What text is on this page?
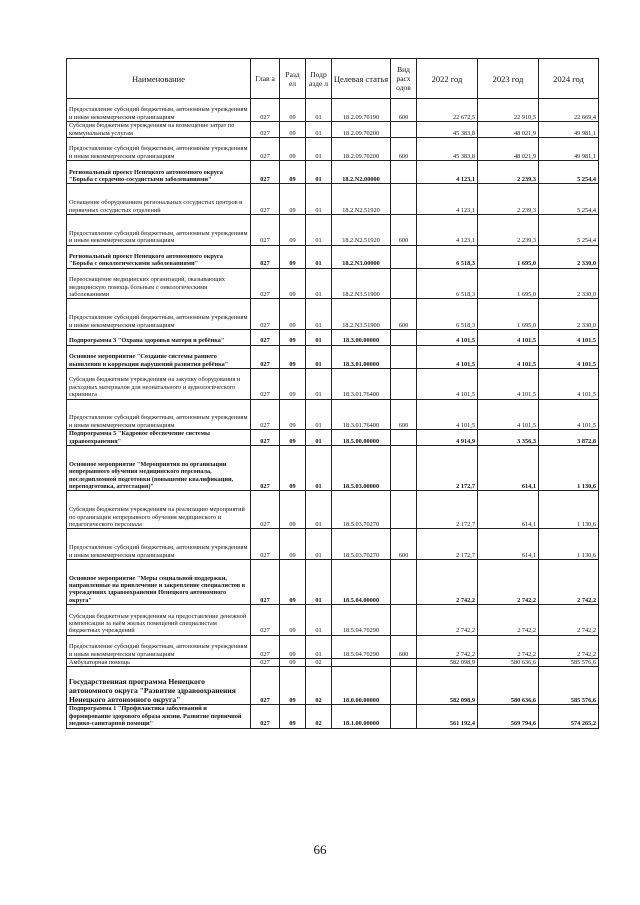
Наименование	Глав а	Разд ел	Подр азде л	Целевая статья	Вид расх одов	2022 год	2023 год	2024 год
Предоставление субсидий бюджетным, автономным учреждениям и иным некоммерческим организациям	027	09	01	18.2.09.70190	600	22 672,5	22 910,5	22 669,4
Субсидия бюджетным учреждениям на возмещение затрат по коммунальным услугам	027	09	01	18.2.09.70200		45 383,8	48 021,9	49 981,1
Предоставление субсидий бюджетным, автономным учреждениям и иным некоммерческим организациям	027	09	01	18.2.09.70200	600	45 383,8	48 021,9	49 981,1
Региональный проект Ненецкого автономного округа "Борьба с сердечно-сосудистыми заболеваниями"	027	09	01	18.2.N2.00000		4 123,1	2 239,3	5 254,4
Оснащение оборудованием региональных сосудистых центров и первичных сосудистых отделений	027	09	01	18.2.N2.51920		4 123,1	2 239,3	5 254,4
Предоставление субсидий бюджетным, автономным учреждениям и иным некоммерческим организациям	027	09	01	18.2.N2.51920	600	4 123,1	2 239,3	5 254,4
Региональный проект Ненецкого автономного округа "Борьба с онкологическими заболеваниями"	027	09	01	18.2.N3.00000		6 518,3	1 695,0	2 330,0
Переоснащение медицинских организаций, оказывающих медицинскую помощь больным с онкологическими заболеваниями	027	09	01	18.2.N3.51900		6 518,3	1 695,0	2 330,0
Предоставление субсидий бюджетным, автономным учреждениям и иным некоммерческим организациям	027	09	01	18.2.N3.51900	600	6 518,3	1 695,0	2 330,0
Подпрограмма 3 "Охрана здоровья матери и ребёнка"	027	09	01	18.3.00.00000		4 101,5	4 101,5	4 101,5
Основное мероприятие "Создание системы раннего выявления и коррекции нарушений развития ребёнка"	027	09	01	18.3.01.00000		4 101,5	4 101,5	4 101,5
Субсидия бюджетным учреждениям на закупку оборудования и расходных материалов для неонатального и аудиологического скрининга	027	09	01	18.3.01.76400		4 101,5	4 101,5	4 101,5
Предоставление субсидий бюджетным, автономным учреждениям и иным некоммерческим организациям	027	09	01	18.3.01.76400	600	4 101,5	4 101,5	4 101,5
Подпрограмма 5 "Кадровое обеспечение системы здравоохранения"	027	09	01	18.5.00.00000		4 914,9	3 356,3	3 872,8
Основное мероприятие "Мероприятия по организации непрерывного обучения медицинского персонала, последипломной подготовки (повышение квалификации, переподготовка, аттестация)"	027	09	01	18.5.03.00000		2 172,7	614,1	1 130,6
Субсидия бюджетным учреждениям на реализацию мероприятий по организации непрерывного обучения медицинского и педагогического персонала	027	09	01	18.5.03.70270		2 172,7	614,1	1 130,6
Предоставление субсидий бюджетным, автономным учреждениям и иным некоммерческим организациям	027	09	01	18.5.03.70270	600	2 172,7	614,1	1 130,6
Основное мероприятие "Меры социальной поддержки, направленные на привлечение и закрепление специалистов в учреждениях здравоохранения Ненецкого автономного округа"	027	09	01	18.5.04.00000		2 742,2	2 742,2	2 742,2
Субсидия бюджетным учреждениям на предоставление денежной компенсации за наём жилых помещений специалистам бюджетных учреждений	027	09	01	18.5.04.70290		2 742,2	2 742,2	2 742,2
Предоставление субсидий бюджетным, автономным учреждениям и иным некоммерческим организациям	027	09	01	18.5.04.70290	600	2 742,2	2 742,2	2 742,2
Амбулаторная помощь	027	09	02			582 098,9	580 636,6	585 576,6
Государственная программа Ненецкого автономного округа "Развитие здравоохранения Ненецкого автономного округа"	027	09	02	18.0.00.00000		582 098,9	580 636,6	585 576,6
Подпрограмма 1 "Профилактика заболеваний и формирование здорового образа жизни. Развитие первичной медико-санитарной помощи"	027	09	02	18.1.00.00000		561 192,4	569 794,6	574 265,2
66
